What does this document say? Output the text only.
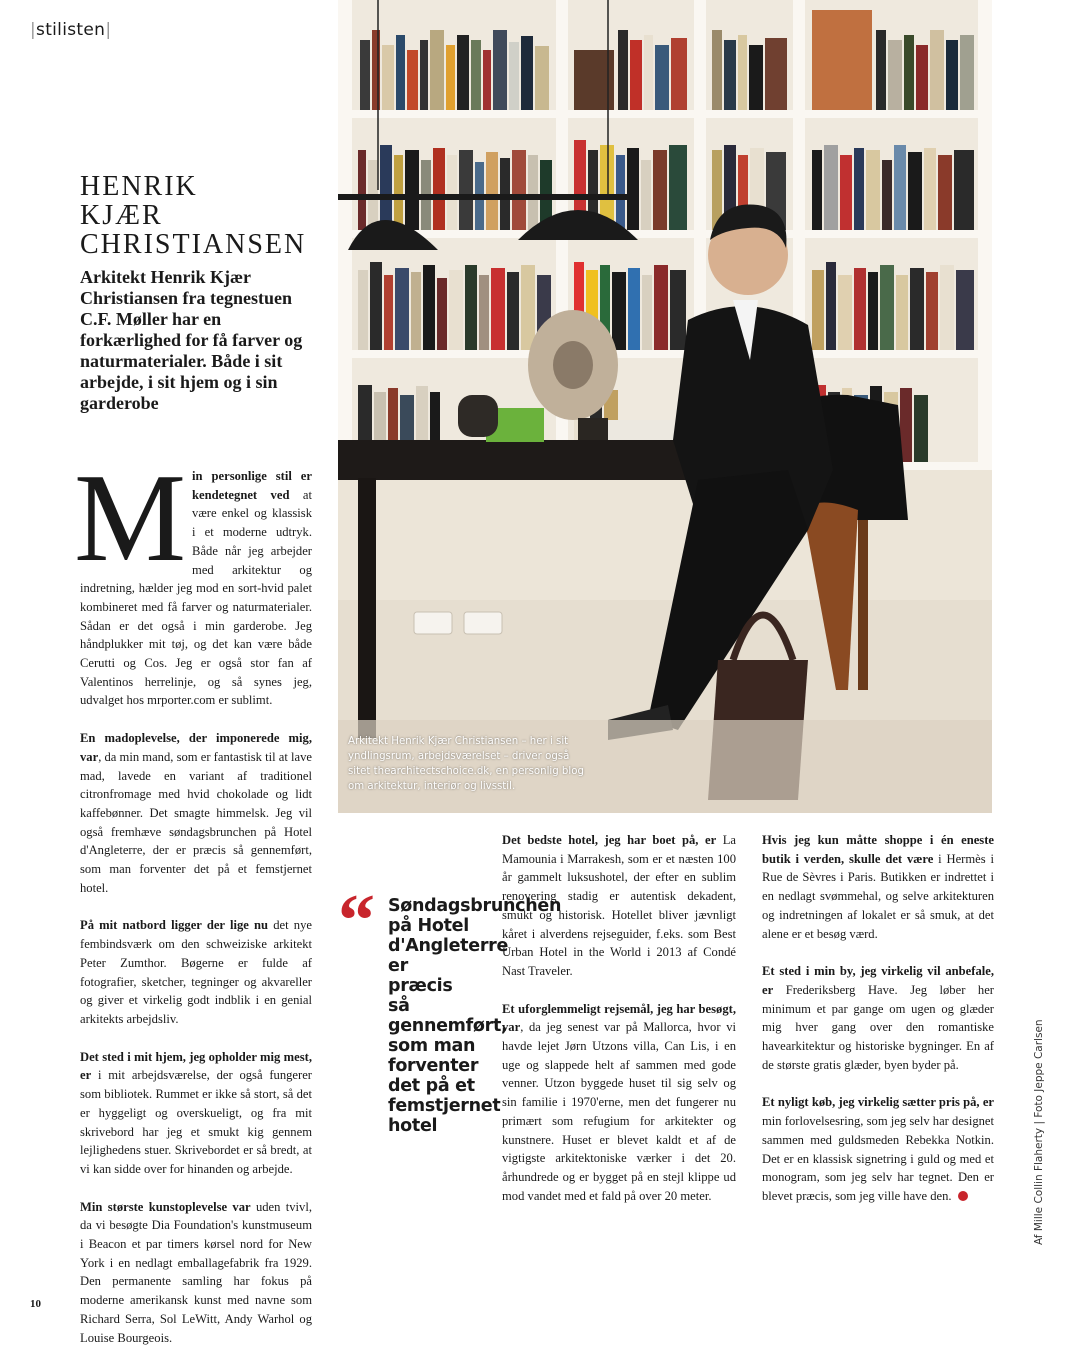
|stilisten|
Arkitekt Henrik Kjær Christiansen – her i sit yndlingsrum, arbejdsværelset – driver også sitet thearchitectschoice.dk, en personlig blog om arkitektur, interiør og livsstil.
HENRIK
KJÆR
CHRISTIANSEN

Arkitekt Henrik Kjær Christiansen fra tegnestuen C.F. Møller har en forkærlighed for få farver og naturmaterialer. Både i sit arbejde, i sit hjem og i sin garderobe

Min personlige stil er kendetegnet ved at være enkel og klassisk i et moderne udtryk. Både når jeg arbejder med arkitektur og indretning, hælder jeg mod en sort-hvid palet kombineret med få farver og naturmaterialer. Sådan er det også i min garderobe. Jeg håndplukker mit tøj, og det kan være både Cerutti og Cos. Jeg er også stor fan af Valentinos herrelinje, og så synes jeg, udvalget hos mrporter.com er sublimt.

En madoplevelse, der imponerede mig, var, da min mand, som er fantastisk til at lave mad, lavede en variant af traditionel citronfromage med hvid chokolade og lidt kaffebønner. Det smagte himmelsk. Jeg vil også fremhæve søndagsbrunchen på Hotel d'Angleterre, der er præcis så gennemført, som man forventer det på et femstjernet hotel.

På mit natbord ligger der lige nu det nye fembindsværk om den schweiziske arkitekt Peter Zumthor. Bøgerne er fulde af fotografier, sketcher, tegninger og akvareller og giver et virkelig godt indblik i en genial arkitekts arbejdsliv.

Det sted i mit hjem, jeg opholder mig mest, er i mit arbejdsværelse, der også fungerer som bibliotek. Rummet er ikke så stort, så det er hyggeligt og overskueligt, og fra mit skrivebord har jeg et smukt kig gennem lejlighedens stuer. Skrivebordet er så bredt, at vi kan sidde over for hinanden og arbejde.

Min største kunstoplevelse var uden tvivl, da vi besøgte Dia Foundation's kunstmuseum i Beacon et par timers kørsel nord for New York i en nedlagt emballagefabrik fra 1929. Den permanente samling har fokus på moderne amerikansk kunst med navne som Richard Serra, Sol LeWitt, Andy Warhol og Louise Bourgeois.

“ Søndagsbrunchen på Hotel d'Angleterre er præcis så gennemført, som man forventer det på et femstjernet hotel

Det bedste hotel, jeg har boet på, er La Mamounia i Marrakesh, som er et næsten 100 år gammelt luksushotel, der efter en sublim renovering stadig er autentisk dekadent, smukt og historisk. Hotellet bliver jævnligt kåret i alverdens rejseguider, f.eks. som Best Urban Hotel in the World i 2013 af Condé Nast Traveler.

Et uforglemmeligt rejsemål, jeg har besøgt, var, da jeg senest var på Mallorca, hvor vi havde lejet Jørn Utzons villa, Can Lis, i en uge og slappede helt af sammen med gode venner. Utzon byggede huset til sig selv og sin familie i 1970'erne, men det fungerer nu primært som refugium for arkitekter og kunstnere. Huset er blevet kaldt et af de vigtigste arkitektoniske værker i det 20. århundrede og er bygget på en stejl klippe ud mod vandet med et fald på over 20 meter.

Hvis jeg kun måtte shoppe i én eneste butik i verden, skulle det være i Hermès i Rue de Sèvres i Paris. Butikken er indrettet i en nedlagt svømmehal, og selve arkitekturen og indretningen af lokalet er så smuk, at det alene er et besøg værd.

Et sted i min by, jeg virkelig vil anbefale, er Frederiksberg Have. Jeg løber her minimum et par gange om ugen og glæder mig hver gang over den romantiske havearkitektur og historiske bygninger. En af de største gratis glæder, byen byder på.

Et nyligt køb, jeg virkelig sætter pris på, er min forlovelsesring, som jeg selv har designet sammen med guldsmeden Rebekka Notkin. Det er en klassisk signetring i guld og med et monogram, som jeg selv har tegnet. Den er blevet præcis, som jeg ville have den.	Af Mille Collin Flaherty | Foto Jeppe Carlsen
10
